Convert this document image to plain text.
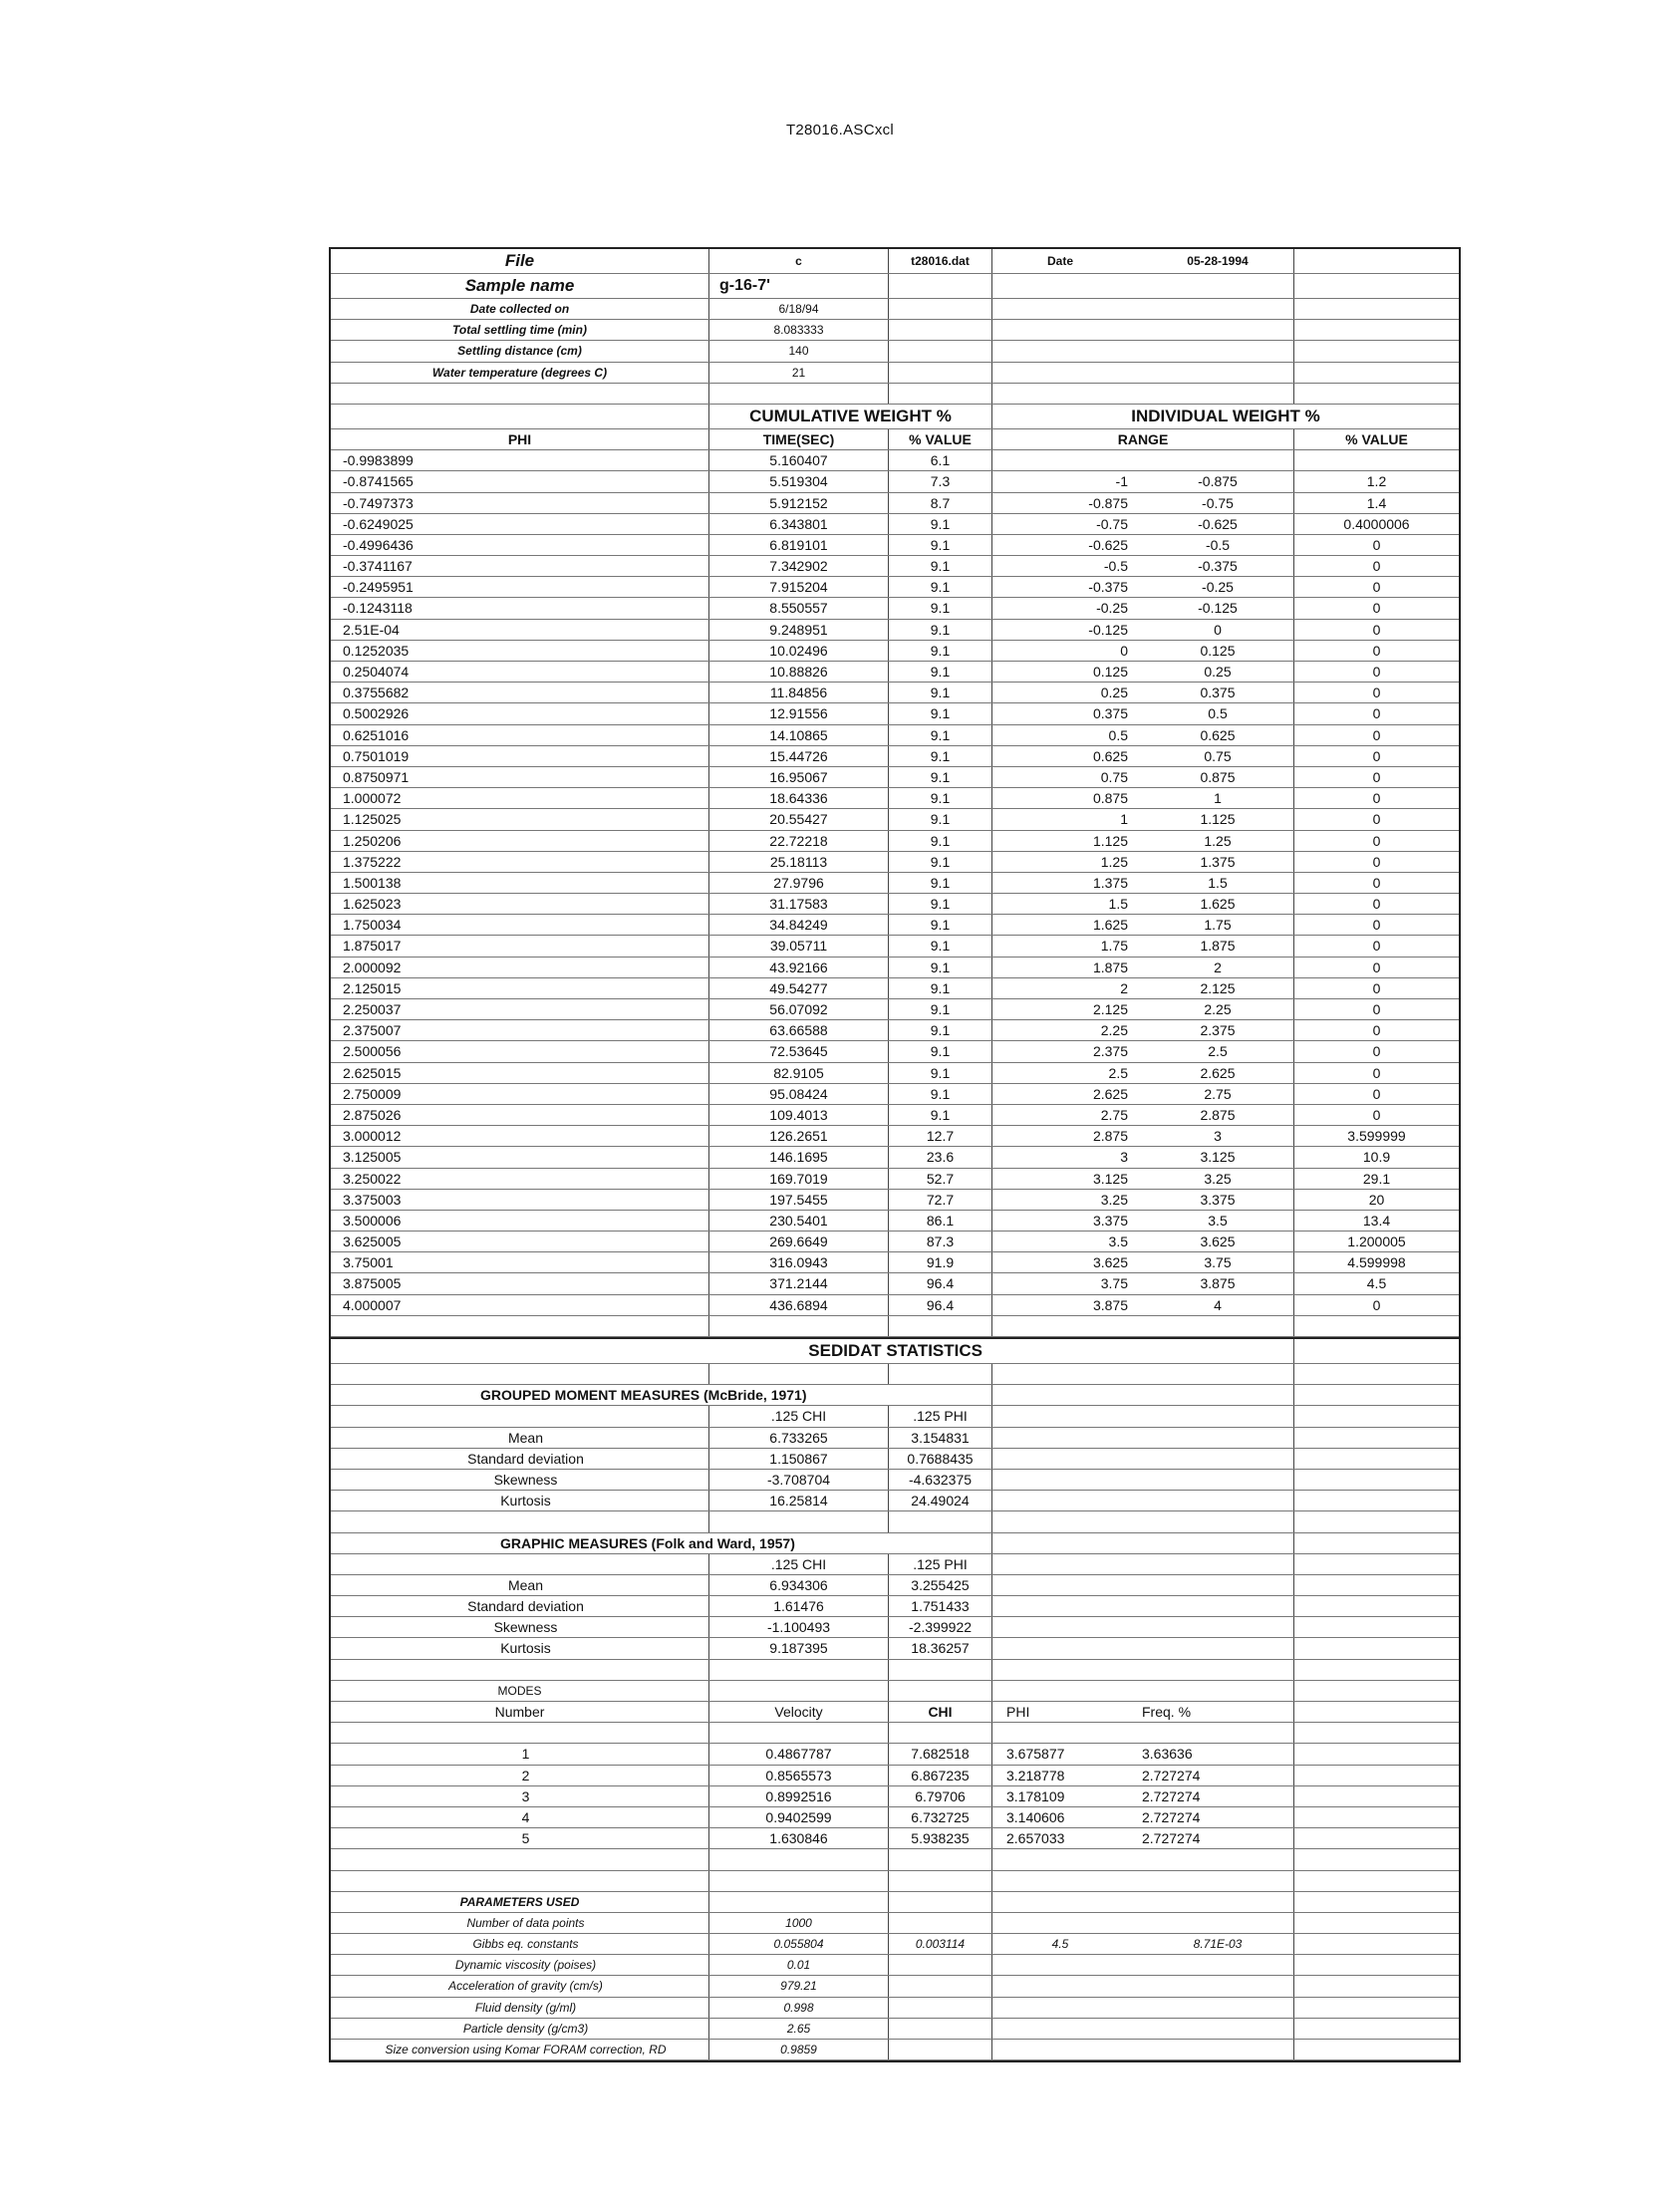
T28016.ASCxcl
File	c	t28016.dat	Date	05-28-1994
Sample name	g-16-7'
Date collected on	6/18/94
Total settling time (min)	8.083333
Settling distance (cm)	140
Water temperature (degrees C)	21
CUMULATIVE WEIGHT %	INDIVIDUAL WEIGHT %
PHI	TIME(SEC)	% VALUE	RANGE	% VALUE
-0.9983899	5.160407	6.1
-0.8741565	5.519304	7.3	-1	-0.875	1.2
-0.7497373	5.912152	8.7	-0.875	-0.75	1.4
-0.6249025	6.343801	9.1	-0.75	-0.625	0.4000006
-0.4996436	6.819101	9.1	-0.625	-0.5	0
-0.3741167	7.342902	9.1	-0.5	-0.375	0
-0.2495951	7.915204	9.1	-0.375	-0.25	0
-0.1243118	8.550557	9.1	-0.25	-0.125	0
2.51E-04	9.248951	9.1	-0.125	0	0
0.1252035	10.02496	9.1	0	0.125	0
0.2504074	10.88826	9.1	0.125	0.25	0
0.3755682	11.84856	9.1	0.25	0.375	0
0.5002926	12.91556	9.1	0.375	0.5	0
0.6251016	14.10865	9.1	0.5	0.625	0
0.7501019	15.44726	9.1	0.625	0.75	0
0.8750971	16.95067	9.1	0.75	0.875	0
1.000072	18.64336	9.1	0.875	1	0
1.125025	20.55427	9.1	1	1.125	0
1.250206	22.72218	9.1	1.125	1.25	0
1.375222	25.18113	9.1	1.25	1.375	0
1.500138	27.9796	9.1	1.375	1.5	0
1.625023	31.17583	9.1	1.5	1.625	0
1.750034	34.84249	9.1	1.625	1.75	0
1.875017	39.05711	9.1	1.75	1.875	0
2.000092	43.92166	9.1	1.875	2	0
2.125015	49.54277	9.1	2	2.125	0
2.250037	56.07092	9.1	2.125	2.25	0
2.375007	63.66588	9.1	2.25	2.375	0
2.500056	72.53645	9.1	2.375	2.5	0
2.625015	82.9105	9.1	2.5	2.625	0
2.750009	95.08424	9.1	2.625	2.75	0
2.875026	109.4013	9.1	2.75	2.875	0
3.000012	126.2651	12.7	2.875	3	3.599999
3.125005	146.1695	23.6	3	3.125	10.9
3.250022	169.7019	52.7	3.125	3.25	29.1
3.375003	197.5455	72.7	3.25	3.375	20
3.500006	230.5401	86.1	3.375	3.5	13.4
3.625005	269.6649	87.3	3.5	3.625	1.200005
3.75001	316.0943	91.9	3.625	3.75	4.599998
3.875005	371.2144	96.4	3.75	3.875	4.5
4.000007	436.6894	96.4	3.875	4	0
SEDIDAT STATISTICS
GROUPED MOMENT MEASURES (McBride, 1971)
.125 CHI	.125 PHI
Mean	6.733265	3.154831
Standard deviation	1.150867	0.7688435
Skewness	-3.708704	-4.632375
Kurtosis	16.25814	24.49024
GRAPHIC MEASURES (Folk and Ward, 1957)
.125 CHI	.125 PHI
Mean	6.934306	3.255425
Standard deviation	1.61476	1.751433
Skewness	-1.100493	-2.399922
Kurtosis	9.187395	18.36257
MODES
Number	Velocity	CHI	PHI	Freq. %
1	0.4867787	7.682518	3.675877	3.63636
2	0.8565573	6.867235	3.218778	2.727274
3	0.8992516	6.79706	3.178109	2.727274
4	0.9402599	6.732725	3.140606	2.727274
5	1.630846	5.938235	2.657033	2.727274
PARAMETERS USED
Number of data points	1000
Gibbs eq. constants	0.055804	0.003114	4.5	8.71E-03
Dynamic viscosity (poises)	0.01
Acceleration of gravity (cm/s)	979.21
Fluid density (g/ml)	0.998
Particle density (g/cm3)	2.65
Size conversion using Komar FORAM correction, RD	0.9859
